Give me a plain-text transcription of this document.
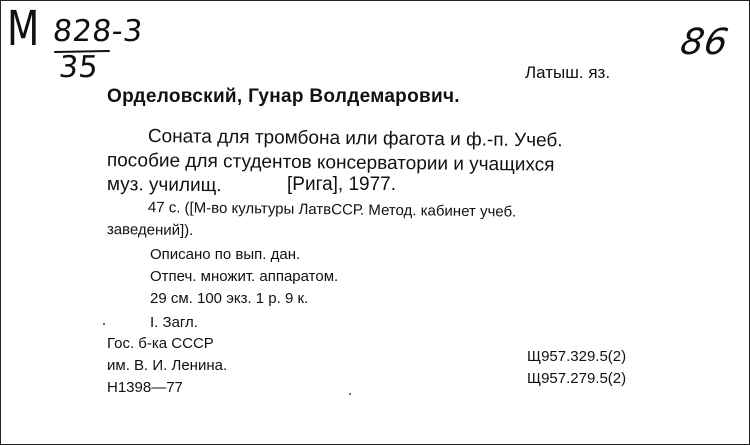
М 828-3
35
86
Латыш. яз.
Орделовский, Гунар Волдемарович.
Соната для тромбона или фагота и ф.-п. Учеб.
пособие для студентов консерватории и учащихся
муз. училищ.	[Рига], 1977.
47 с. ([М-во культуры ЛатвССР. Метод. кабинет учеб.
заведений]).
Описано по вып. дан.
Отпеч. множит. аппаратом.
29 см. 100 экз. 1 р. 9 к.
I. Загл.
Гос. б-ка СССР
им. В. И. Ленина.
Н1398—77
Щ957.329.5(2)
Щ957.279.5(2)
